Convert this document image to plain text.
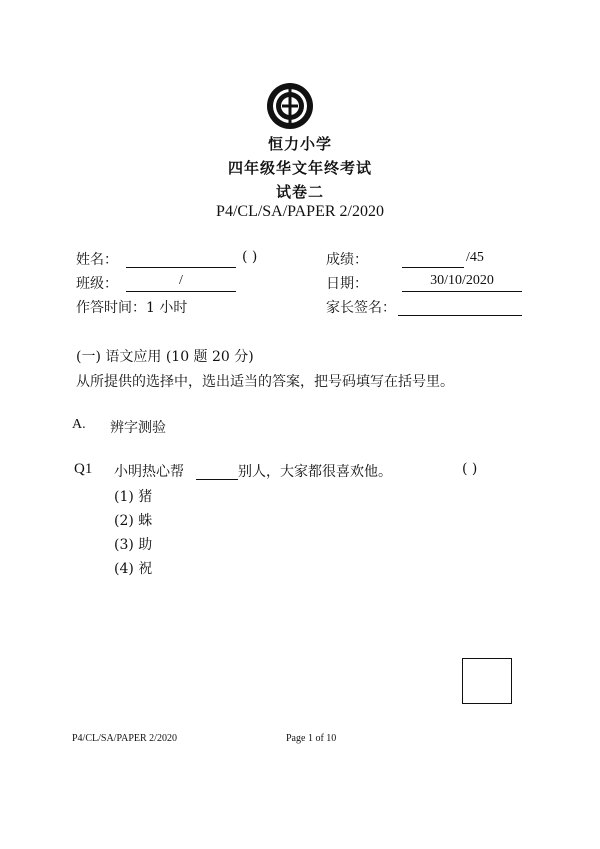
恒力小学
四年级华文年终考试
试卷二
P4/CL/SA/PAPER 2/2020
姓名：	( )	成绩：	/45
班级：	/	日期：	30/10/2020
作答时间：1 小时	家长签名：
(一) 语文应用 (10 题 20 分)
从所提供的选择中，选出适当的答案，把号码填写在括号里。
A. 辨字测验
Q1 小明热心帮	别人，大家都很喜欢他。	( )
(1) 猪
(2) 蛛
(3) 助
(4) 祝
P4/CL/SA/PAPER 2/2020	Page 1 of 10
